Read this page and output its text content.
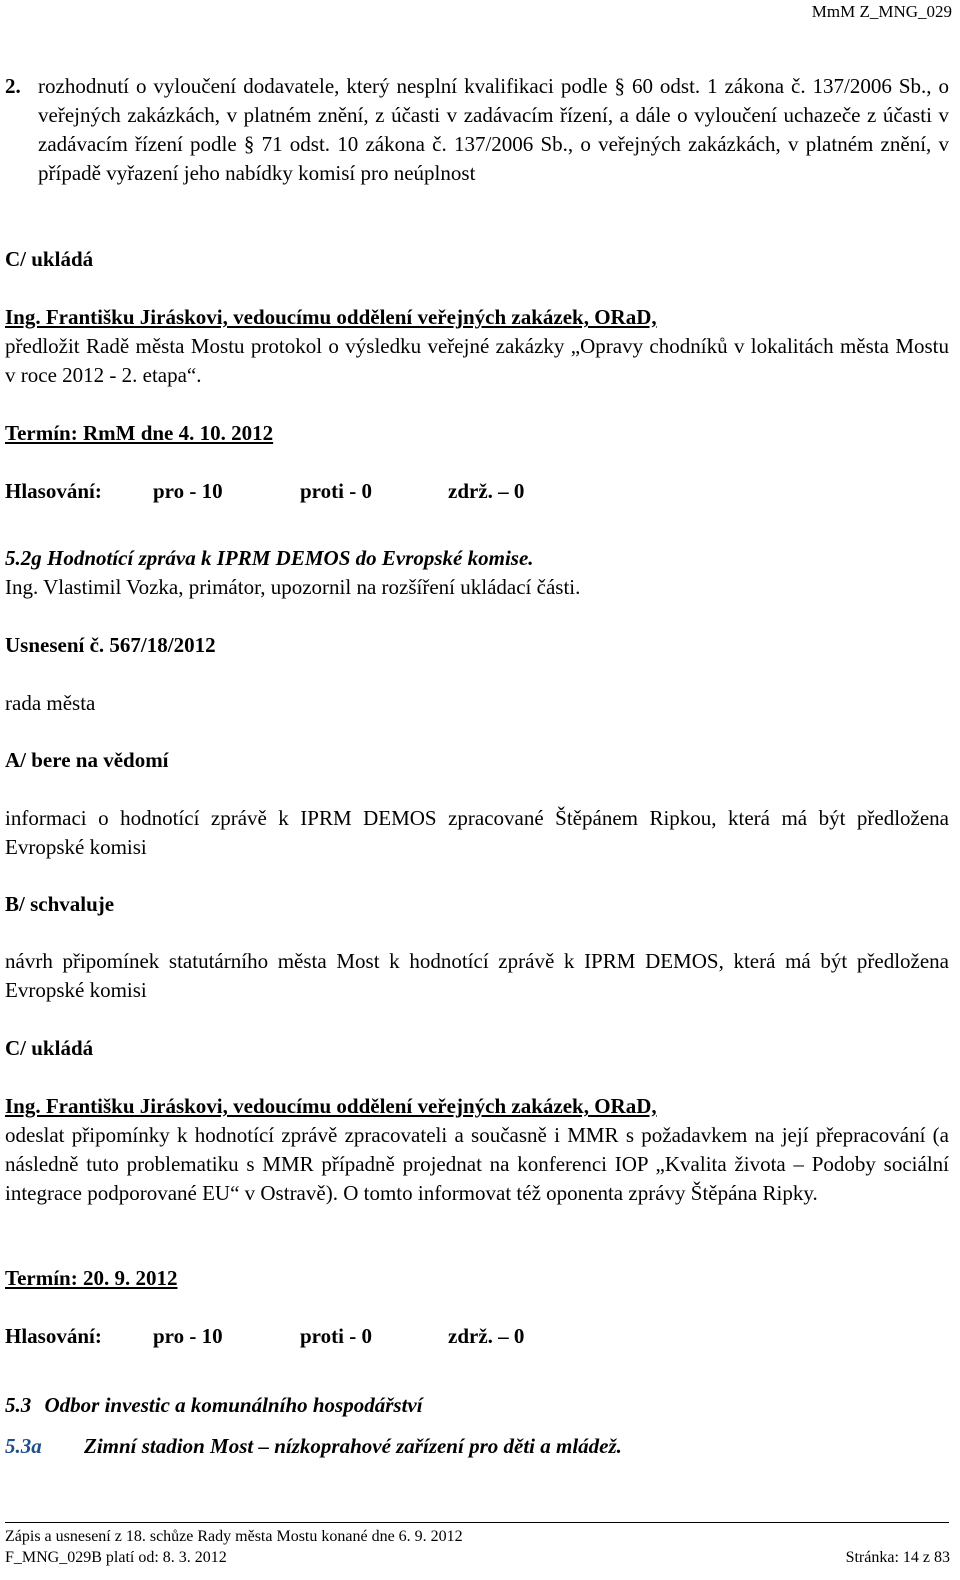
MmM Z_MNG_029
2. rozhodnutí o vyloučení dodavatele, který nesplní kvalifikaci podle § 60 odst. 1 zákona č. 137/2006 Sb., o veřejných zakázkách, v platném znění, z účasti v zadávacím řízení, a dále o vyloučení uchazeče z účasti v zadávacím řízení podle § 71 odst. 10 zákona č. 137/2006 Sb., o veřejných zakázkách, v platném znění, v případě vyřazení jeho nabídky komisí pro neúplnost
C/ ukládá
Ing. Františku Jiráskovi, vedoucímu oddělení veřejných zakázek, ORaD,
předložit Radě města Mostu protokol o výsledku veřejné zakázky „Opravy chodníků v lokalitách města Mostu v roce 2012 - 2. etapa“.
Termín: RmM dne 4. 10. 2012
Hlasování: pro - 10	proti - 0	zdrž. – 0
5.2g Hodnotící zpráva k IPRM DEMOS do Evropské komise.
Ing. Vlastimil Vozka, primátor, upozornil na rozšíření ukládací části.
Usnesení č. 567/18/2012
rada města
A/ bere na vědomí
informaci o hodnotící zprávě k IPRM DEMOS zpracované Štěpánem Ripkou, která má být předložena Evropské komisi
B/ schvaluje
návrh připomínek statutárního města Most k hodnotící zprávě k IPRM DEMOS, která má být předložena Evropské komisi
C/ ukládá
Ing. Františku Jiráskovi, vedoucímu oddělení veřejných zakázek, ORaD,
odeslat připomínky k hodnotící zprávě zpracovateli a současně i MMR s požadavkem na její přepracování (a následně tuto problematiku s MMR případně projednat na konferenci IOP „Kvalita života – Podoby sociální integrace podporované EU“ v Ostravě). O tomto informovat též oponenta zprávy Štěpána Ripky.
Termín: 20. 9. 2012
Hlasování: pro - 10	proti - 0	zdrž. – 0
5.3 Odbor investic a komunálního hospodářství
5.3a Zimní stadion Most – nízkoprahové zařízení pro děti a mládež.
Zápis a usnesení z 18. schůze Rady města Mostu konané dne 6. 9. 2012
F_MNG_029B platí od: 8. 3. 2012	Stránka: 14 z 83
